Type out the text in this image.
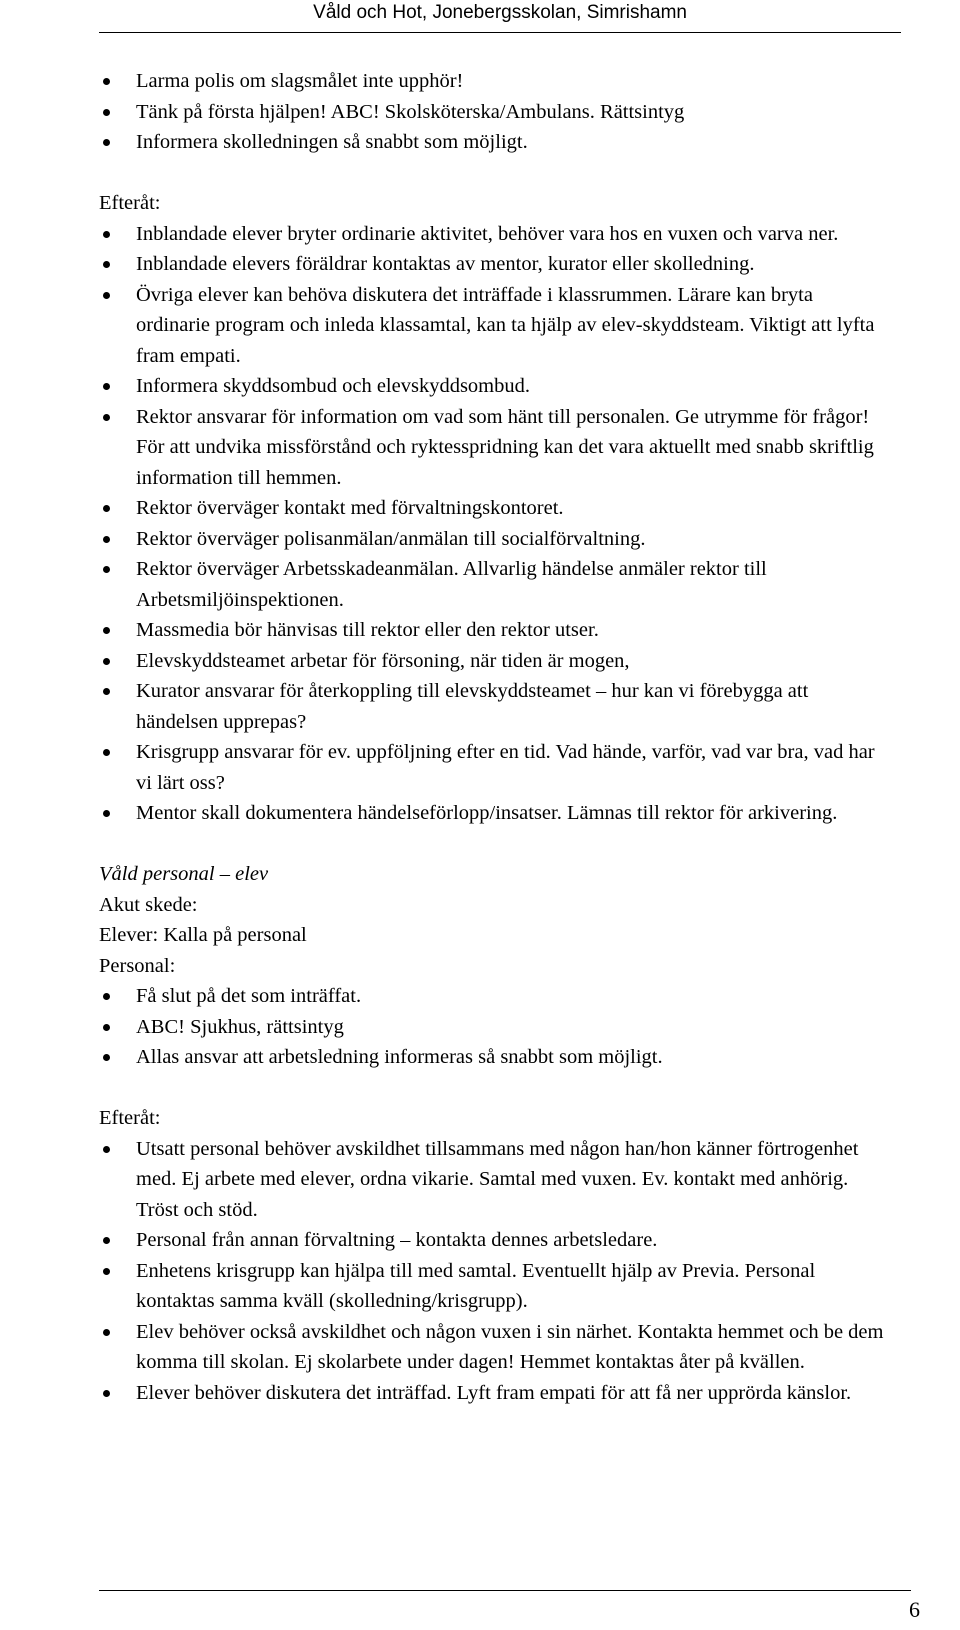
Våld och Hot, Jonebergsskolan, Simrishamn
Larma polis om slagsmålet inte upphör!
Tänk på första hjälpen! ABC! Skolsköterska/Ambulans. Rättsintyg
Informera skolledningen så snabbt som möjligt.

Efteråt:

Inblandade elever bryter ordinarie aktivitet, behöver vara hos en vuxen och varva ner.
Inblandade elevers föräldrar kontaktas av mentor, kurator eller skolledning.
Övriga elever kan behöva diskutera det inträffade i klassrummen. Lärare kan bryta ordinarie program och inleda klassamtal, kan ta hjälp av elev-skyddsteam. Viktigt att lyfta fram empati.
Informera skyddsombud och elevskyddsombud.
Rektor ansvarar för information om vad som hänt till personalen. Ge utrymme för frågor! För att undvika missförstånd och ryktesspridning kan det vara aktuellt med snabb skriftlig information till hemmen.
Rektor överväger kontakt med förvaltningskontoret.
Rektor överväger polisanmälan/anmälan till socialförvaltning.
Rektor överväger Arbetsskadeanmälan. Allvarlig händelse anmäler rektor till Arbetsmiljöinspektionen.
Massmedia bör hänvisas till rektor eller den rektor utser.
Elevskyddsteamet arbetar för försoning, när tiden är mogen,
Kurator ansvarar för återkoppling till elevskyddsteamet – hur kan vi förebygga att händelsen upprepas?
Krisgrupp ansvarar för ev. uppföljning efter en tid. Vad hände, varför, vad var bra, vad har vi lärt oss?
Mentor skall dokumentera händelseförlopp/insatser. Lämnas till rektor för arkivering.

Våld personal – elev

Akut skede:

Elever: Kalla på personal

Personal:

Få slut på det som inträffat.
ABC! Sjukhus, rättsintyg
Allas ansvar att arbetsledning informeras så snabbt som möjligt.

Efteråt:

Utsatt personal behöver avskildhet tillsammans med någon han/hon känner förtrogenhet med. Ej arbete med elever, ordna vikarie. Samtal med vuxen. Ev. kontakt med anhörig. Tröst och stöd.
Personal från annan förvaltning – kontakta dennes arbetsledare.
Enhetens krisgrupp kan hjälpa till med samtal. Eventuellt hjälp av Previa. Personal kontaktas samma kväll (skolledning/krisgrupp).
Elev behöver också avskildhet och någon vuxen i sin närhet. Kontakta hemmet och be dem komma till skolan. Ej skolarbete under dagen! Hemmet kontaktas åter på kvällen.
Elever behöver diskutera det inträffad. Lyft fram empati för att få ner upprörda känslor.
6
